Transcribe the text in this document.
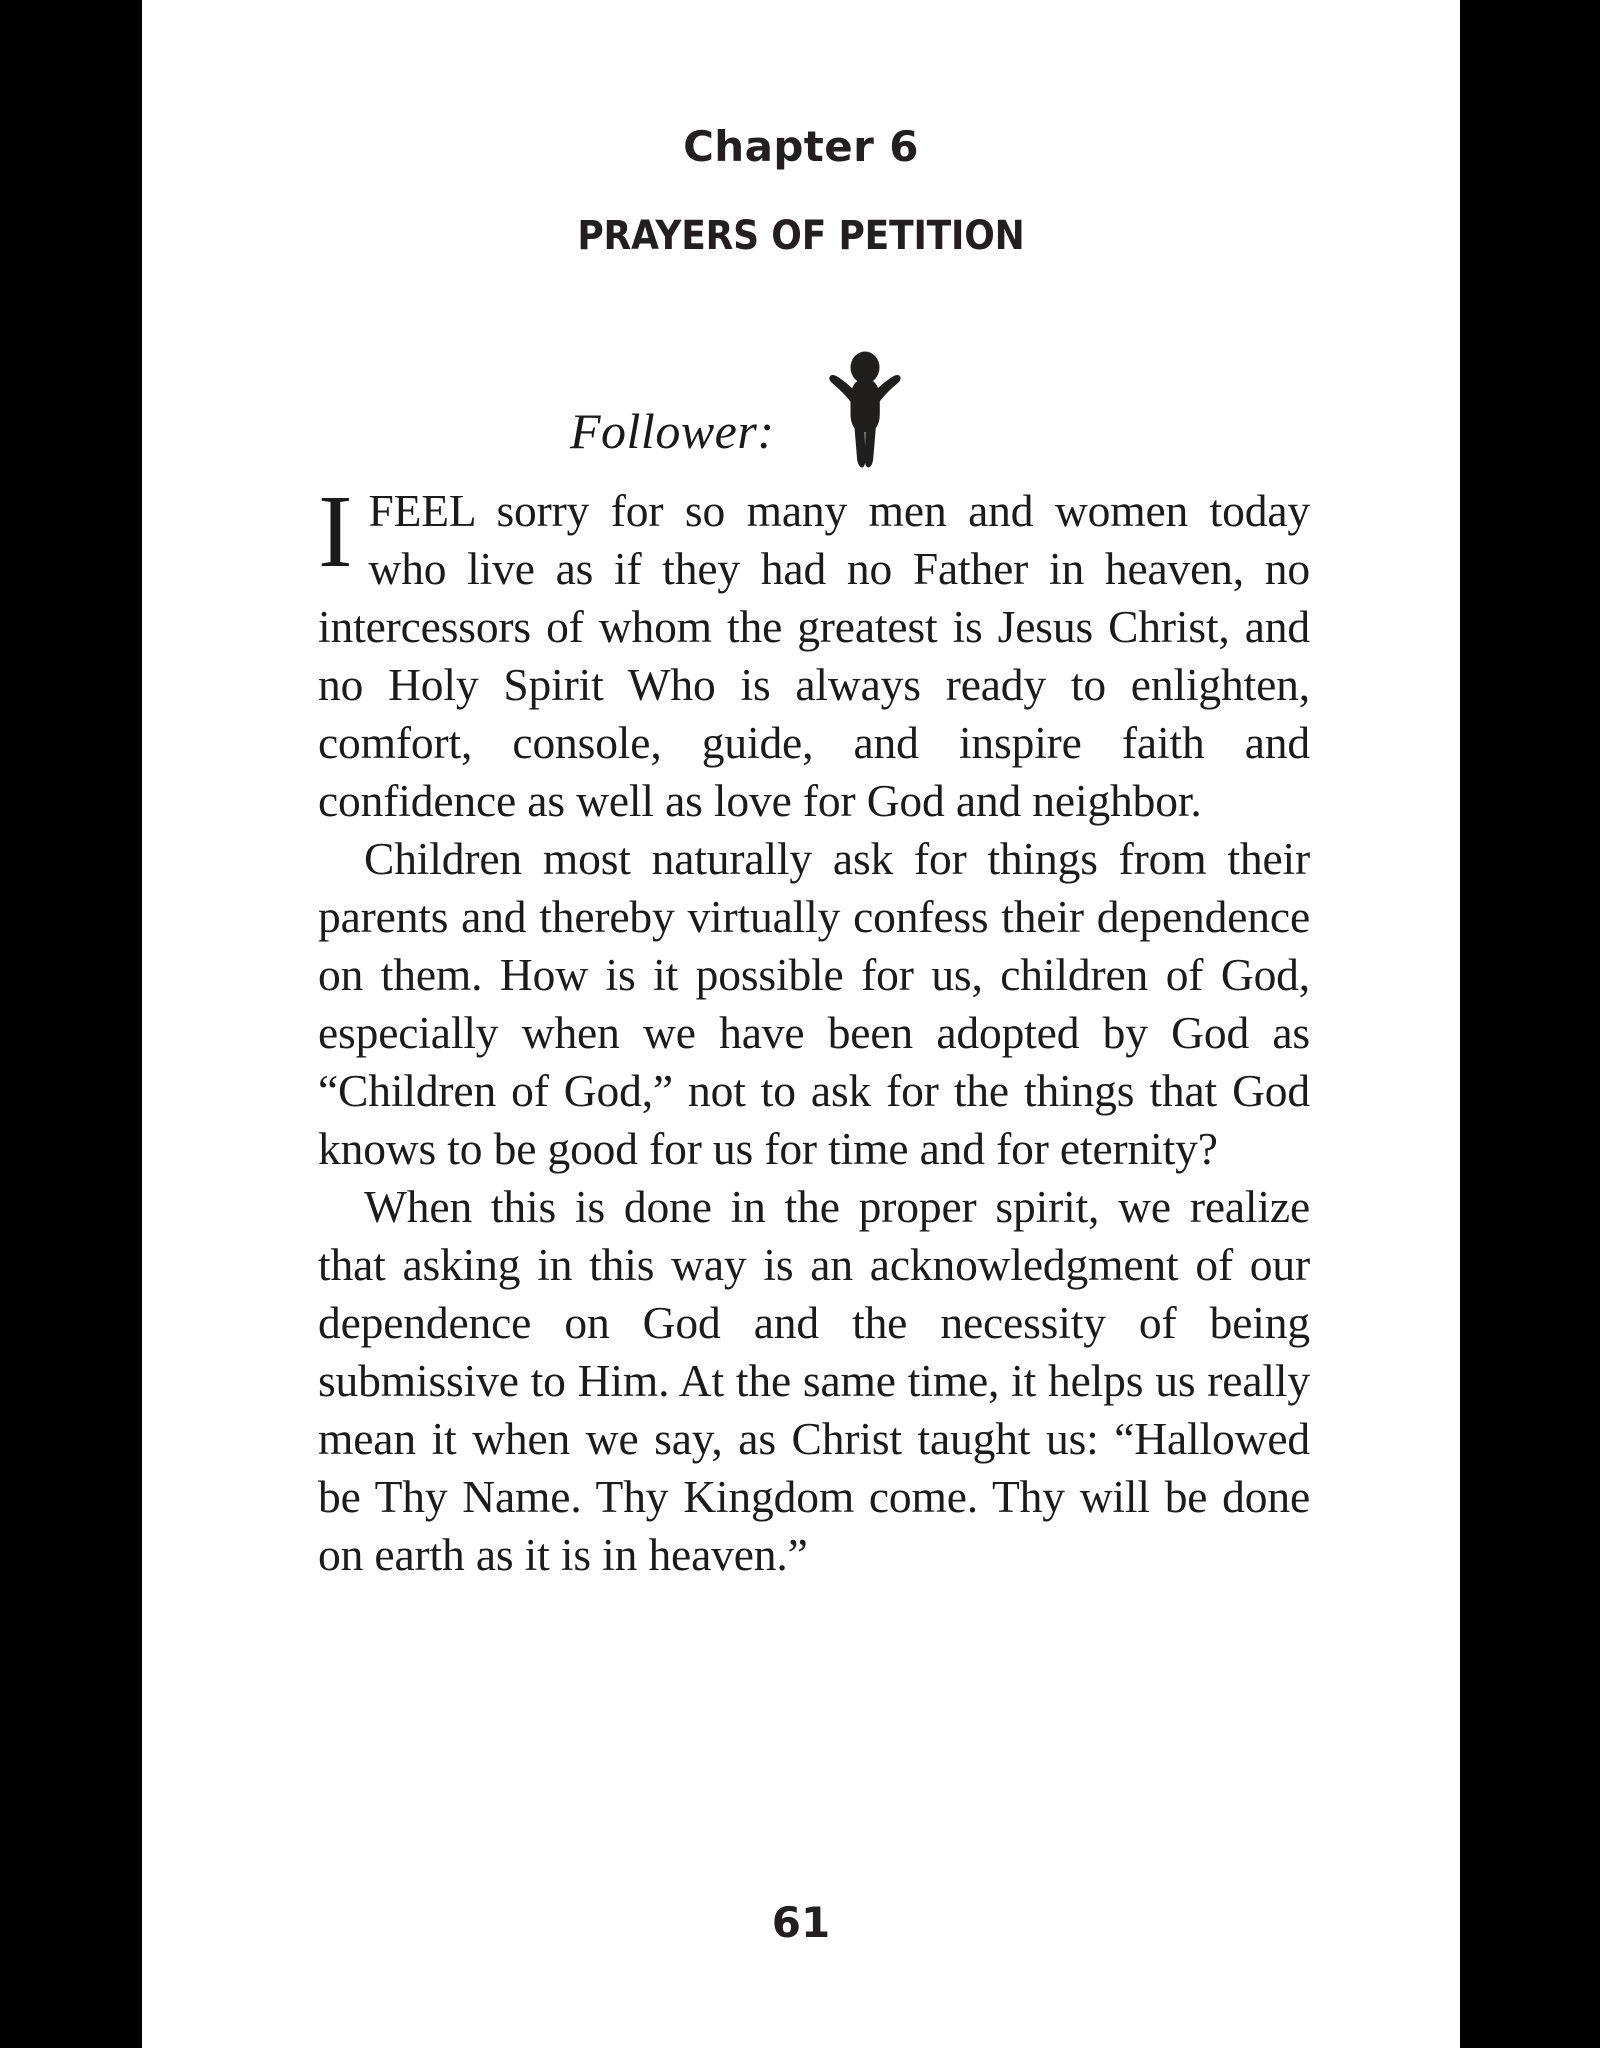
Chapter 6
PRAYERS OF PETITION
Follower:

IFEEL sorry for so many men and women today who live as if they had no Father in heaven, no intercessors of whom the greatest is Jesus Christ, and no Holy Spirit Who is always ready to enlighten, comfort, console, guide, and inspire faith and confidence as well as love for God and neighbor.

Children most naturally ask for things from their parents and thereby virtually confess their dependence on them. How is it possible for us, children of God, especially when we have been adopted by God as “Children of God,” not to ask for the things that God knows to be good for us for time and for eternity?

When this is done in the proper spirit, we realize that asking in this way is an acknowledgment of our dependence on God and the necessity of being submissive to Him. At the same time, it helps us really mean it when we say, as Christ taught us: “Hallowed be Thy Name. Thy Kingdom come. Thy will be done on earth as it is in heaven.”

61
